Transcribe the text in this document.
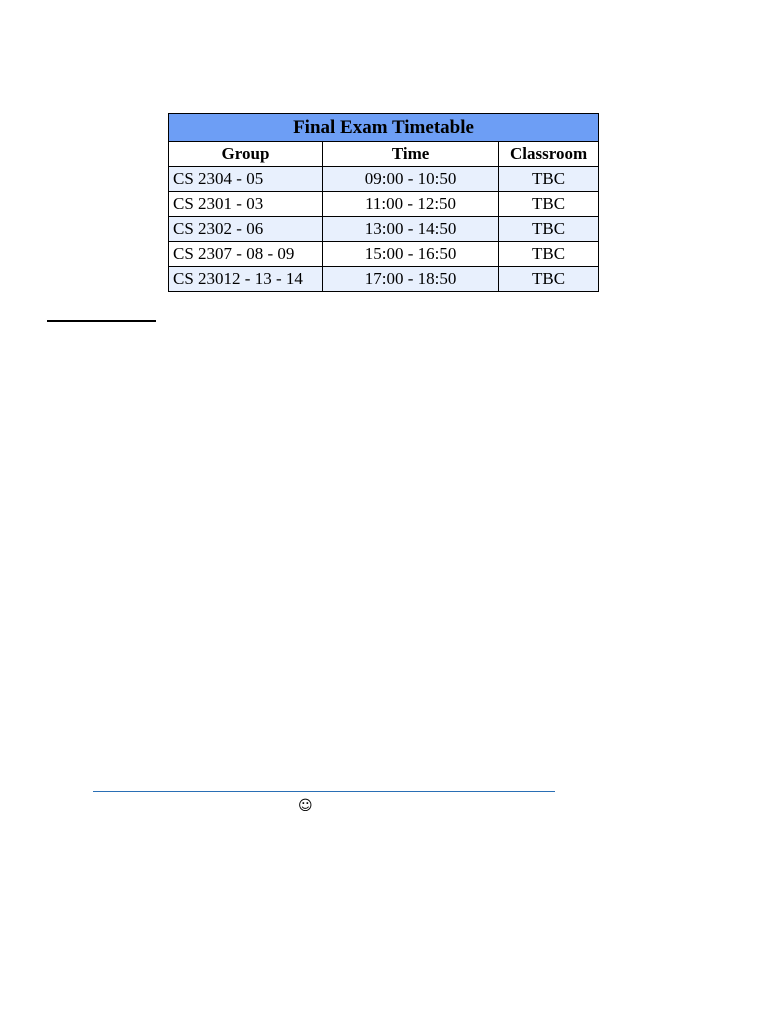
Final Exam Timetable		
Group	Time	Classroom
CS 2304 - 05	09:00 - 10:50	TBC
CS 2301 - 03	11:00 - 12:50	TBC
CS 2302 - 06	13:00 - 14:50	TBC
CS 2307 - 08 - 09	15:00 - 16:50	TBC
CS 23012 - 13 - 14	17:00 - 18:50	TBC
☺
